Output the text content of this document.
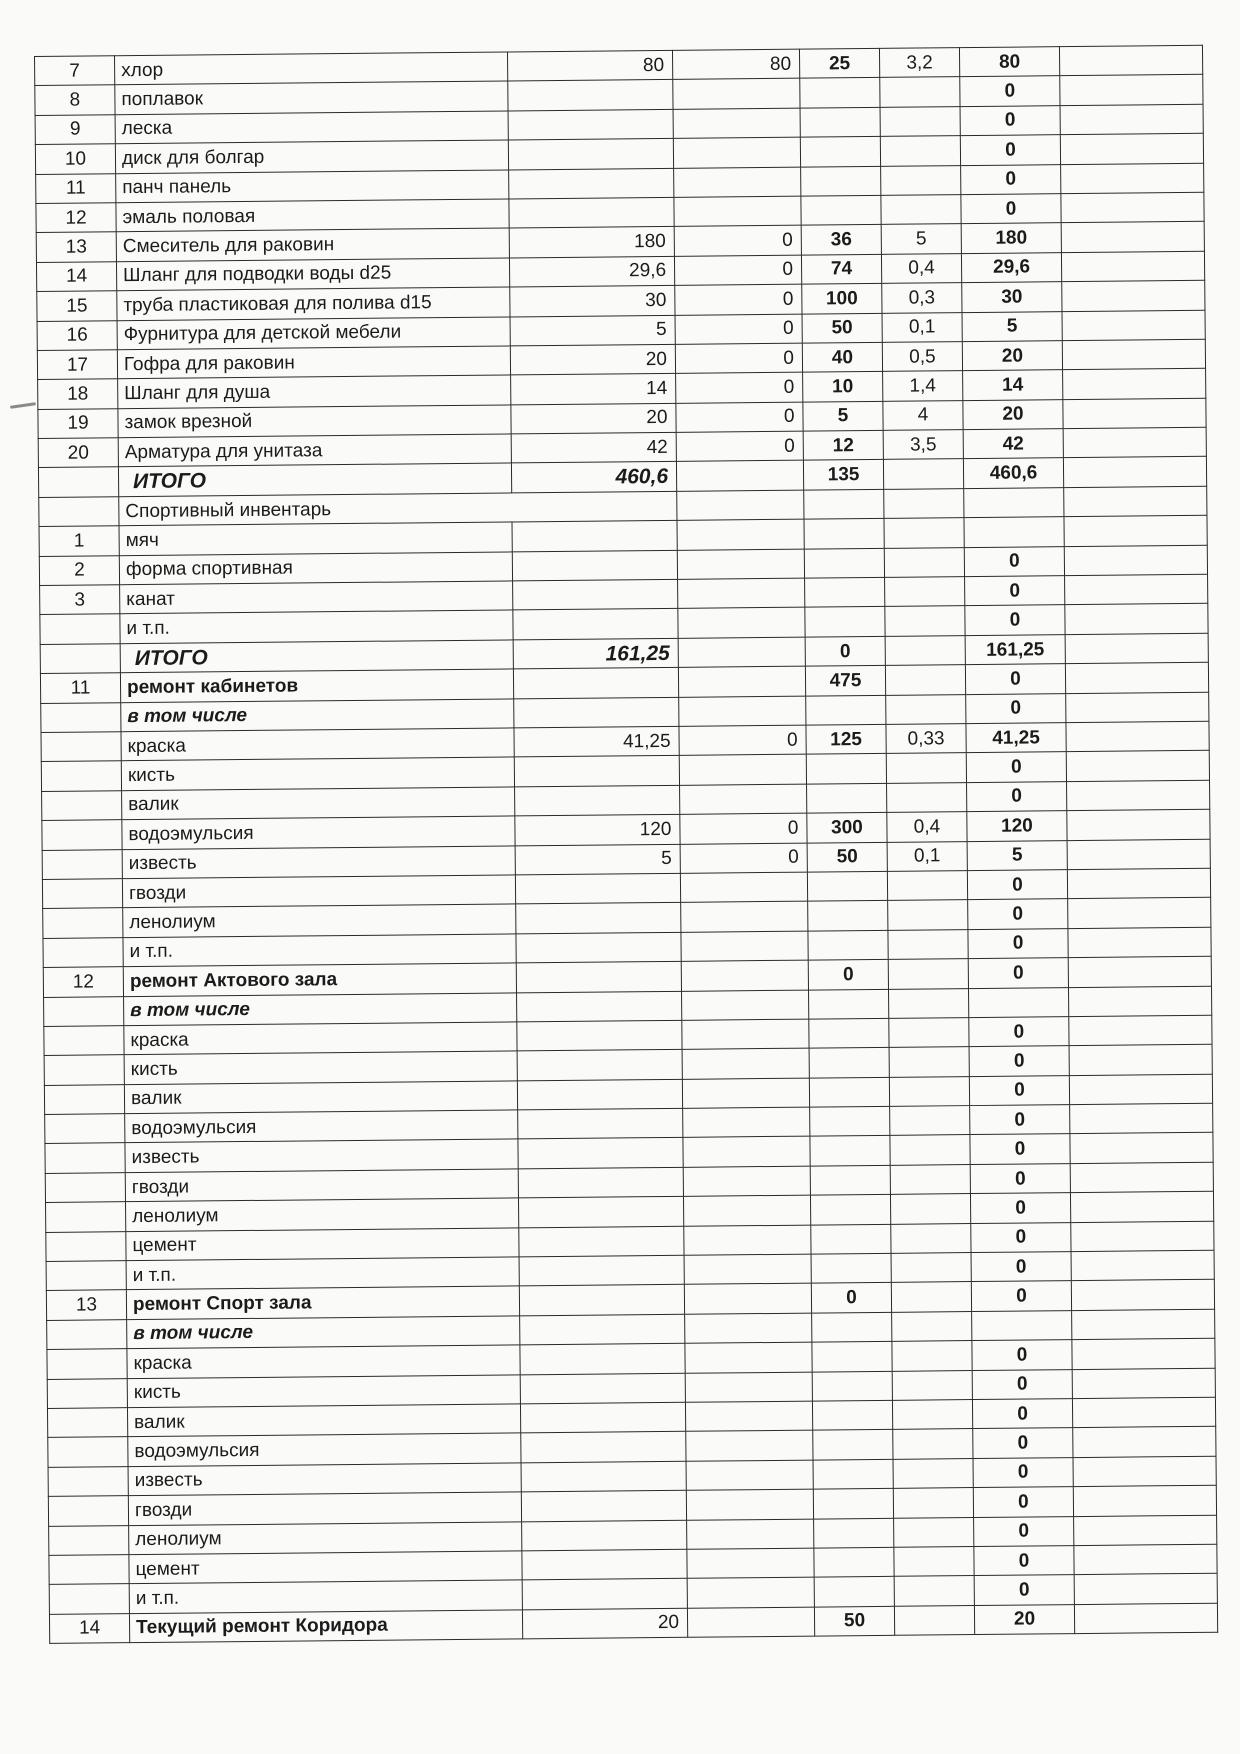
7	хлор	80	80	25	3,2	80	
8	поплавок					0	
9	леска					0	
10	диск для болгар					0	
11	панч панель					0	
12	эмаль половая					0	
13	Смеситель для раковин	180	0	36	5	180	
14	Шланг для подводки воды d25	29,6	0	74	0,4	29,6	
15	труба пластиковая для полива d15	30	0	100	0,3	30	
16	Фурнитура для детской мебели	5	0	50	0,1	5	
17	Гофра для раковин	20	0	40	0,5	20	
18	Шланг для душа	14	0	10	1,4	14	
19	замок врезной	20	0	5	4	20	
20	Арматура для унитаза	42	0	12	3,5	42	
	ИТОГО	460,6		135		460,6	
	Спортивный инвентарь						
1	мяч						
2	форма спортивная					0	
3	канат					0	
	и т.п.					0	
	ИТОГО	161,25		0		161,25	
11	ремонт кабинетов			475		0	
	в том числе					0	
	краска	41,25	0	125	0,33	41,25	
	кисть					0	
	валик					0	
	водоэмульсия	120	0	300	0,4	120	
	известь	5	0	50	0,1	5	
	гвозди					0	
	ленолиум					0	
	и т.п.					0	
12	ремонт Актового зала			0		0	
	в том числе						
	краска					0	
	кисть					0	
	валик					0	
	водоэмульсия					0	
	известь					0	
	гвозди					0	
	ленолиум					0	
	цемент					0	
	и т.п.					0	
13	ремонт Спорт зала			0		0	
	в том числе						
	краска					0	
	кисть					0	
	валик					0	
	водоэмульсия					0	
	известь					0	
	гвозди					0	
	ленолиум					0	
	цемент					0	
	и т.п.					0	
14	Текущий ремонт Коридора	20		50		20	
